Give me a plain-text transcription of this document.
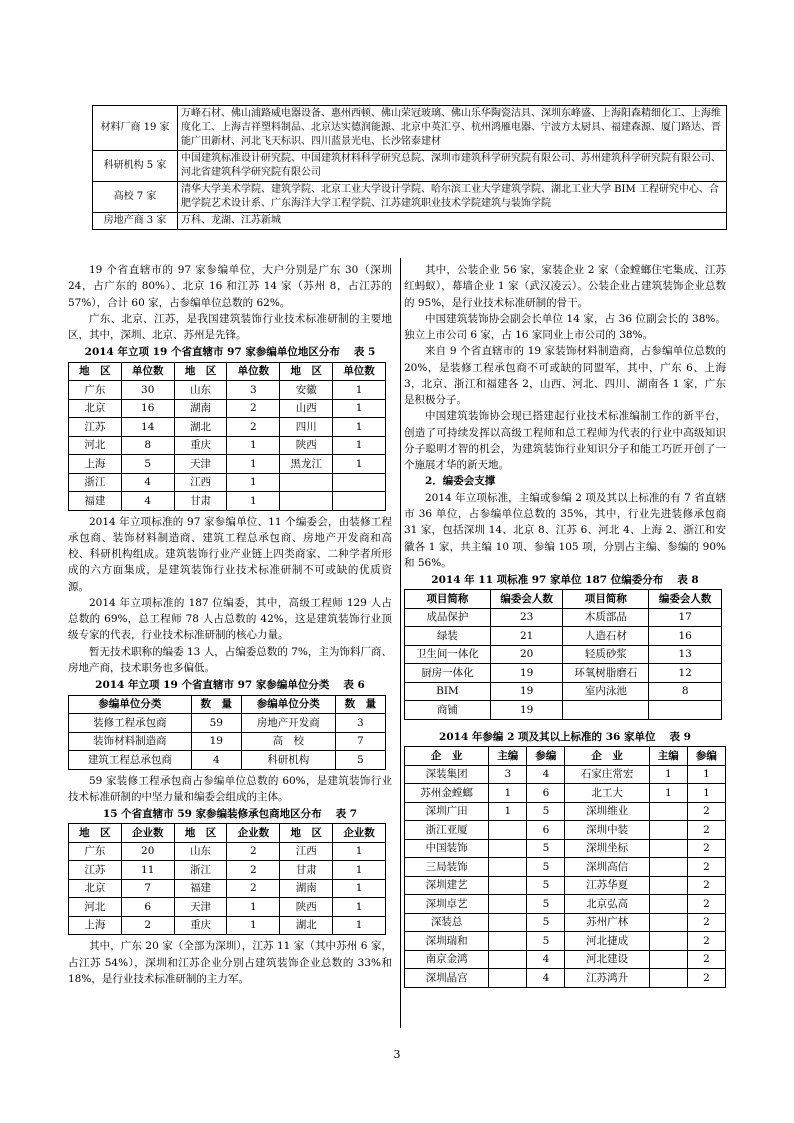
材料厂商 19 家	万峰石材、佛山浦路威电器设备、惠州西顿、佛山荣冠玻璃、佛山乐华陶瓷洁具、深圳东峰盛、上海阳森精细化工、上海维度化工、上海吉祥塑料制品、北京达实德润能源、北京中英汇亨、杭州鸿雁电器、宁波方太厨具、福建森源、厦门路达、晋能广田新材、河北飞天标识、四川蓝景光电、长沙铭泰建材
科研机构 5 家	中国建筑标准设计研究院、中国建筑材料科学研究总院、深圳市建筑科学研究院有限公司、苏州建筑科学研究院有限公司、河北省建筑科学研究院有限公司
高校 7 家	清华大学美术学院、建筑学院、北京工业大学设计学院、哈尔滨工业大学建筑学院、湖北工业大学 BIM 工程研究中心、合肥学院艺术设计系、广东海洋大学工程学院、江苏建筑职业技术学院建筑与装饰学院
房地产商 3 家	万科、龙湖、江苏新城

19 个省直辖市的 97 家参编单位，大户分别是广东 30（深圳 24，占广东的 80%）、北京 16 和江苏 14 家（苏州 8，占江苏的 57%），合计 60 家，占参编单位总数的 62%。

广东、北京、江苏，是我国建筑装饰行业技术标准研制的主要地区，其中，深圳、北京、苏州是先锋。

2014 年立项 19 个省直辖市 97 家参编单位地区分布 表 5
地　区	单位数	地　区	单位数	地　区	单位数
广东	30	山东	3	安徽	1
北京	16	湖南	2	山西	1
江苏	14	湖北	2	四川	1
河北	8	重庆	1	陕西	1
上海	5	天津	1	黑龙江	1
浙江	4	江西	1		
福建	4	甘肃	1		

2014 年立项标准的 97 家参编单位、11 个编委会，由装修工程承包商、装饰材料制造商、建筑工程总承包商、房地产开发商和高校、科研机构组成。建筑装饰行业产业链上四类商家、二种学者所形成的六方面集成，是建筑装饰行业技术标准研制不可或缺的优质资源。

2014 年立项标准的 187 位编委，其中，高级工程师 129 人占总数的 69%，总工程师 78 人占总数的 42%，这是建筑装饰行业顶级专家的代表，行业技术标准研制的核心力量。

暂无技术职称的编委 13 人，占编委总数的 7%，主为饰料厂商、房地产商，技术职务也多偏低。

2014 年立项 19 个省直辖市 97 家参编单位分类 表 6
参编单位分类	数　量	参编单位分类	数　量
装修工程承包商	59	房地产开发商	3
装饰材料制造商	19	高　校	7
建筑工程总承包商	4	科研机构	5

59 家装修工程承包商占参编单位总数的 60%，是建筑装饰行业技术标准研制的中坚力量和编委会组成的主体。

15 个省直辖市 59 家参编装修承包商地区分布 表 7
地　区	企业数	地　区	企业数	地　区	企业数
广东	20	山东	2	江西	1
江苏	11	浙江	2	甘肃	1
北京	7	福建	2	湖南	1
河北	6	天津	1	陕西	1
上海	2	重庆	1	湖北	1

其中，广东 20 家（全部为深圳），江苏 11 家（其中苏州 6 家，占江苏 54%），深圳和江苏企业分别占建筑装饰企业总数的 33%和 18%，是行业技术标准研制的主力军。

其中，公装企业 56 家，家装企业 2 家（金螳螂住宅集成、江苏红蚂蚁），幕墙企业 1 家（武汉凌云）。公装企业占建筑装饰企业总数的 95%，是行业技术标准研制的骨干。

中国建筑装饰协会副会长单位 14 家，占 36 位副会长的 38%。独立上市公司 6 家，占 16 家同业上市公司的 38%。

来自 9 个省直辖市的 19 家装饰材料制造商，占参编单位总数的 20%，是装修工程承包商不可或缺的同盟军，其中，广东 6、上海 3，北京、浙江和福建各 2，山西、河北、四川、湖南各 1 家，广东是积极分子。

中国建筑装饰协会现已搭建起行业技术标准编制工作的新平台，创造了可持续发挥以高级工程师和总工程师为代表的行业中高级知识分子聪明才智的机会，为建筑装饰行业知识分子和能工巧匠开创了一个施展才华的新天地。

2．编委会支撑

2014 年立项标准，主编或参编 2 项及其以上标准的有 7 省直辖市 36 单位，占参编单位总数的 35%，其中，行业先进装修承包商 31 家，包括深圳 14、北京 8、江苏 6、河北 4、上海 2、浙江和安徽各 1 家，共主编 10 项、参编 105 项，分别占主编、参编的 90%和 56%。

2014 年 11 项标准 97 家单位 187 位编委分布 表 8
项目简称	编委会人数	项目简称	编委会人数
成品保护	23	木质部品	17
绿装	21	人造石材	16
卫生间一体化	20	轻质砂浆	13
厨房一体化	19	环氧树脂磨石	12
BIM	19	室内泳池	8
商铺	19		
2014 年参编 2 项及其以上标准的 36 家单位 表 9
企　业	主编	参编	企　业	主编	参编
深装集团	3	4	石家庄常宏	1	1
苏州金螳螂	1	6	北工大	1	1
深圳广田	1	5	深圳维业		2
浙江亚厦		6	深圳中装		2
中国装饰		5	深圳坐标		2
三局装饰		5	深圳高信		2
深圳建艺		5	江苏华夏		2
深圳卓艺		5	北京弘高		2
深装总		5	苏州广林		2
深圳瑞和		5	河北捷成		2
南京金鸿		4	河北建设		2
深圳晶宫		4	江苏鸿升		2
3
